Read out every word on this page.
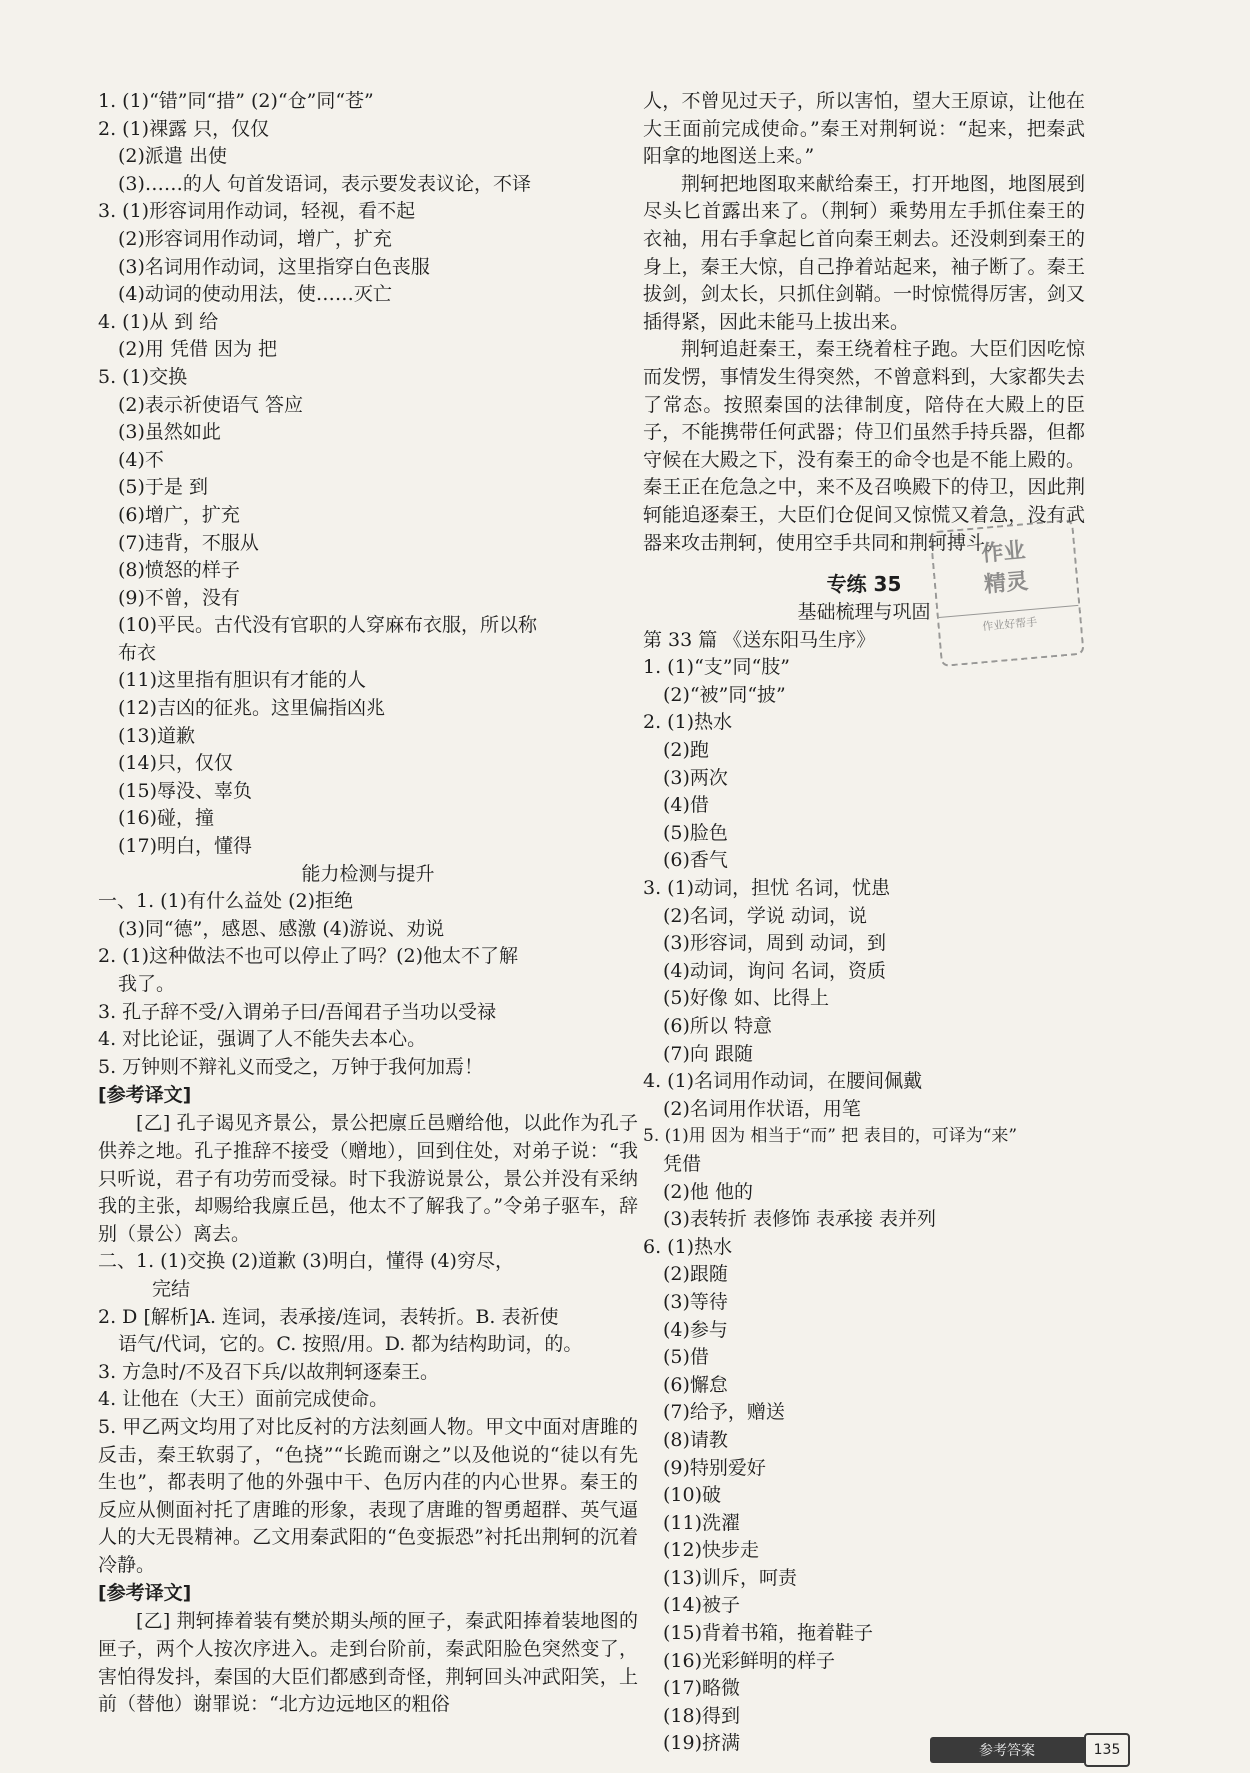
1. (1)“错”同“措” (2)“仓”同“苍”
2. (1)裸露 只，仅仅
(2)派遣 出使
(3)……的人 句首发语词，表示要发表议论，不译
3. (1)形容词用作动词，轻视，看不起
(2)形容词用作动词，增广，扩充
(3)名词用作动词，这里指穿白色丧服
(4)动词的使动用法，使……灭亡
4. (1)从 到 给
(2)用 凭借 因为 把
5. (1)交换
(2)表示祈使语气 答应
(3)虽然如此
(4)不
(5)于是 到
(6)增广，扩充
(7)违背，不服从
(8)愤怒的样子
(9)不曾，没有
(10)平民。古代没有官职的人穿麻布衣服，所以称
布衣
(11)这里指有胆识有才能的人
(12)吉凶的征兆。这里偏指凶兆
(13)道歉
(14)只，仅仅
(15)辱没、辜负
(16)碰，撞
(17)明白，懂得
能力检测与提升
一、1. (1)有什么益处 (2)拒绝
(3)同“德”，感恩、感激 (4)游说、劝说
2. (1)这种做法不也可以停止了吗？(2)他太不了解
我了。
3. 孔子辞不受/入谓弟子曰/吾闻君子当功以受禄
4. 对比论证，强调了人不能失去本心。
5. 万钟则不辩礼义而受之，万钟于我何加焉！
[参考译文]
[乙] 孔子谒见齐景公，景公把廪丘邑赠给他，以此作为孔子供养之地。孔子推辞不接受（赠地），回到住处，对弟子说：“我只听说，君子有功劳而受禄。时下我游说景公，景公并没有采纳我的主张，却赐给我廪丘邑，他太不了解我了。”令弟子驱车，辞别（景公）离去。
二、1. (1)交换 (2)道歉 (3)明白，懂得 (4)穷尽，
完结
2. D [解析]A. 连词，表承接/连词，表转折。B. 表祈使
语气/代词，它的。C. 按照/用。D. 都为结构助词，的。
3. 方急时/不及召下兵/以故荆轲逐秦王。
4. 让他在（大王）面前完成使命。
5. 甲乙两文均用了对比反衬的方法刻画人物。甲文中面对唐雎的反击，秦王软弱了，“色挠”“长跪而谢之”以及他说的“徒以有先生也”，都表明了他的外强中干、色厉内荏的内心世界。秦王的反应从侧面衬托了唐雎的形象，表现了唐雎的智勇超群、英气逼人的大无畏精神。乙文用秦武阳的“色变振恐”衬托出荆轲的沉着冷静。
[参考译文]
[乙] 荆轲捧着装有樊於期头颅的匣子，秦武阳捧着装地图的匣子，两个人按次序进入。走到台阶前，秦武阳脸色突然变了，害怕得发抖，秦国的大臣们都感到奇怪，荆轲回头冲武阳笑，上前（替他）谢罪说：“北方边远地区的粗俗
人，不曾见过天子，所以害怕，望大王原谅，让他在大王面前完成使命。”秦王对荆轲说：“起来，把秦武阳拿的地图送上来。”
荆轲把地图取来献给秦王，打开地图，地图展到尽头匕首露出来了。（荆轲）乘势用左手抓住秦王的衣袖，用右手拿起匕首向秦王刺去。还没刺到秦王的身上，秦王大惊，自己挣着站起来，袖子断了。秦王拔剑，剑太长，只抓住剑鞘。一时惊慌得厉害，剑又插得紧，因此未能马上拔出来。
荆轲追赶秦王，秦王绕着柱子跑。大臣们因吃惊而发愣，事情发生得突然，不曾意料到，大家都失去了常态。按照秦国的法律制度，陪侍在大殿上的臣子，不能携带任何武器；侍卫们虽然手持兵器，但都守候在大殿之下，没有秦王的命令也是不能上殿的。秦王正在危急之中，来不及召唤殿下的侍卫，因此荆轲能追逐秦王，大臣们仓促间又惊慌又着急，没有武器来攻击荆轲，使用空手共同和荆轲搏斗。
专练 35
基础梳理与巩固
第 33 篇 《送东阳马生序》
1. (1)“支”同“肢”
(2)“被”同“披”
2. (1)热水
(2)跑
(3)两次
(4)借
(5)脸色
(6)香气
3. (1)动词，担忧 名词，忧患
(2)名词，学说 动词，说
(3)形容词，周到 动词，到
(4)动词，询问 名词，资质
(5)好像 如、比得上
(6)所以 特意
(7)向 跟随
4. (1)名词用作动词，在腰间佩戴
(2)名词用作状语，用笔
5. (1)用 因为 相当于“而” 把 表目的，可译为“来”
凭借
(2)他 他的
(3)表转折 表修饰 表承接 表并列
6. (1)热水
(2)跟随
(3)等待
(4)参与
(5)借
(6)懈怠
(7)给予，赠送
(8)请教
(9)特别爱好
(10)破
(11)洗濯
(12)快步走
(13)训斥，呵责
(14)被子
(15)背着书箱，拖着鞋子
(16)光彩鲜明的样子
(17)略微
(18)得到
(19)挤满
作业
精灵
作业好帮手
参考答案	135
